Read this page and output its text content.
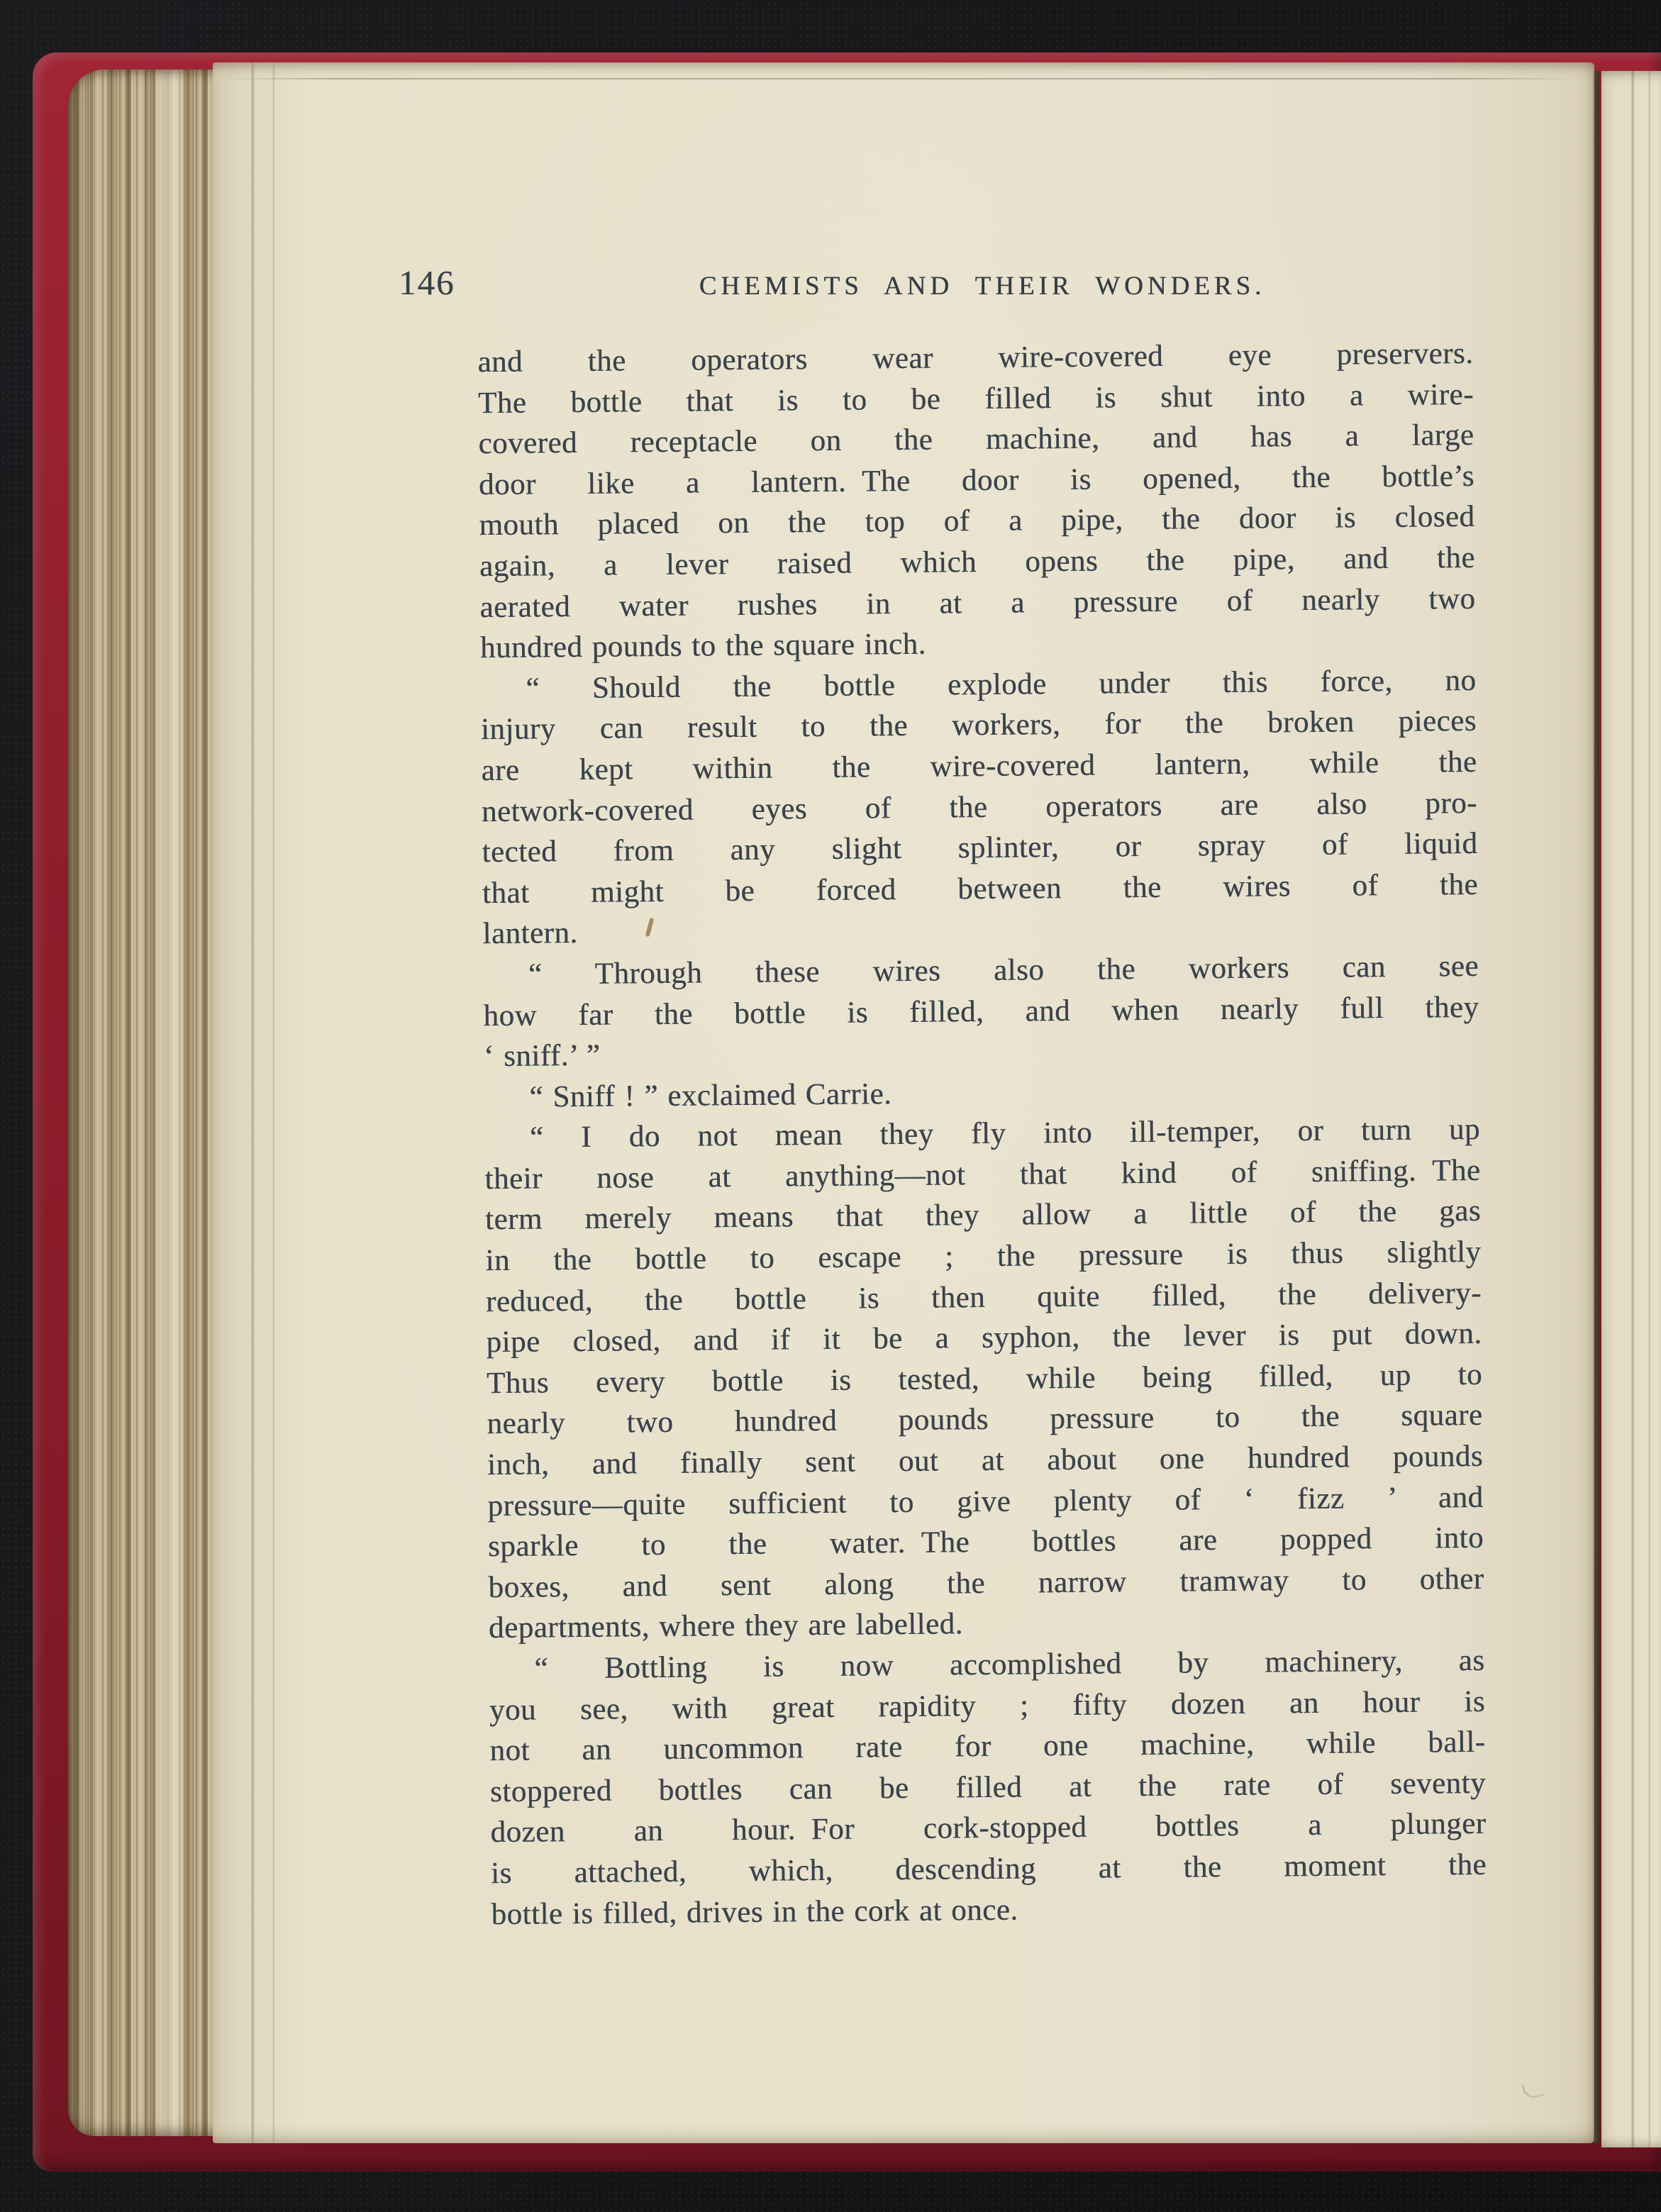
146	CHEMISTS AND THEIR WONDERS.
and the operators wear wire-covered eye preservers.
The bottle that is to be filled is shut into a wire-
covered receptacle on the machine, and has a large
door like a lantern. The door is opened, the bottle’s
mouth placed on the top of a pipe, the door is closed
again, a lever raised which opens the pipe, and the
aerated water rushes in at a pressure of nearly two
hundred pounds to the square inch.
“ Should the bottle explode under this force, no
injury can result to the workers, for the broken pieces
are kept within the wire-covered lantern, while the
network-covered eyes of the operators are also pro-
tected from any slight splinter, or spray of liquid
that might be forced between the wires of the
lantern.
“ Through these wires also the workers can see
how far the bottle is filled, and when nearly full they
‘ sniff.’ ”
“ Sniff ! ” exclaimed Carrie.
“ I do not mean they fly into ill-temper, or turn up
their nose at anything—not that kind of sniffing. The
term merely means that they allow a little of the gas
in the bottle to escape ; the pressure is thus slightly
reduced, the bottle is then quite filled, the delivery-
pipe closed, and if it be a syphon, the lever is put down.
Thus every bottle is tested, while being filled, up to
nearly two hundred pounds pressure to the square
inch, and finally sent out at about one hundred pounds
pressure—quite sufficient to give plenty of ‘ fizz ’ and
sparkle to the water. The bottles are popped into
boxes, and sent along the narrow tramway to other
departments, where they are labelled.
“ Bottling is now accomplished by machinery, as
you see, with great rapidity ; fifty dozen an hour is
not an uncommon rate for one machine, while ball-
stoppered bottles can be filled at the rate of seventy
dozen an hour. For cork-stopped bottles a plunger
is attached, which, descending at the moment the
bottle is filled, drives in the cork at once.
